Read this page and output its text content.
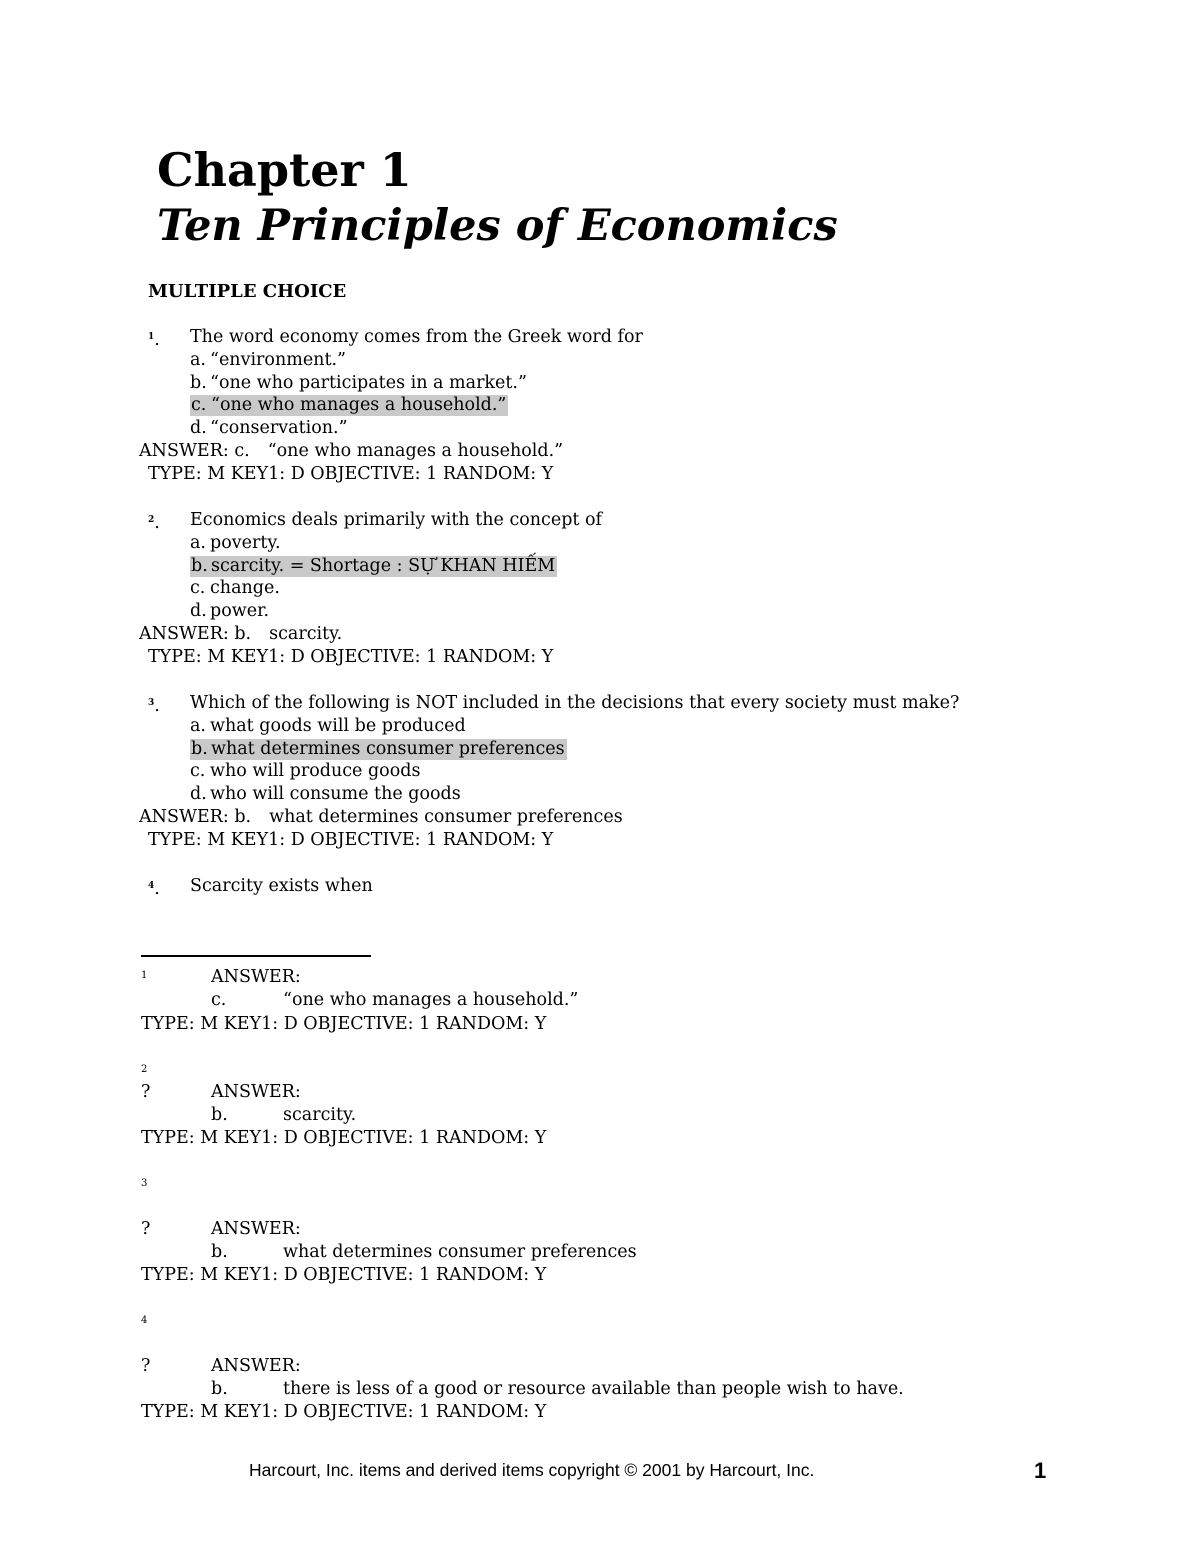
Chapter 1
Ten Principles of Economics
MULTIPLE CHOICE
$^1$. The word economy comes from the Greek word for
a. “environment.”
b. “one who participates in a market.”
c. “one who manages a household.”
d. “conservation.”
ANSWER: c. “one who manages a household.”
TYPE: M KEY1: D OBJECTIVE: 1 RANDOM: Y
$^2$. Economics deals primarily with the concept of
a. poverty.
b. scarcity. = Shortage : SỰ KHAN HIẾM
c. change.
d. power.
ANSWER: b. scarcity.
TYPE: M KEY1: D OBJECTIVE: 1 RANDOM: Y
$^3$. Which of the following is NOT included in the decisions that every society must make?
a. what goods will be produced
b. what determines consumer preferences
c. who will produce goods
d. who will consume the goods
ANSWER: b. what determines consumer preferences
TYPE: M KEY1: D OBJECTIVE: 1 RANDOM: Y
$^4$. Scarcity exists when
1	ANSWER:
c.	“one who manages a household.”
TYPE: M KEY1: D OBJECTIVE: 1 RANDOM: Y
2
?	ANSWER:
b.	scarcity.
TYPE: M KEY1: D OBJECTIVE: 1 RANDOM: Y
3
?	ANSWER:
b.	what determines consumer preferences
TYPE: M KEY1: D OBJECTIVE: 1 RANDOM: Y
4
?	ANSWER:
b.	there is less of a good or resource available than people wish to have.
TYPE: M KEY1: D OBJECTIVE: 1 RANDOM: Y
Harcourt, Inc. items and derived items copyright © 2001 by Harcourt, Inc.	1
